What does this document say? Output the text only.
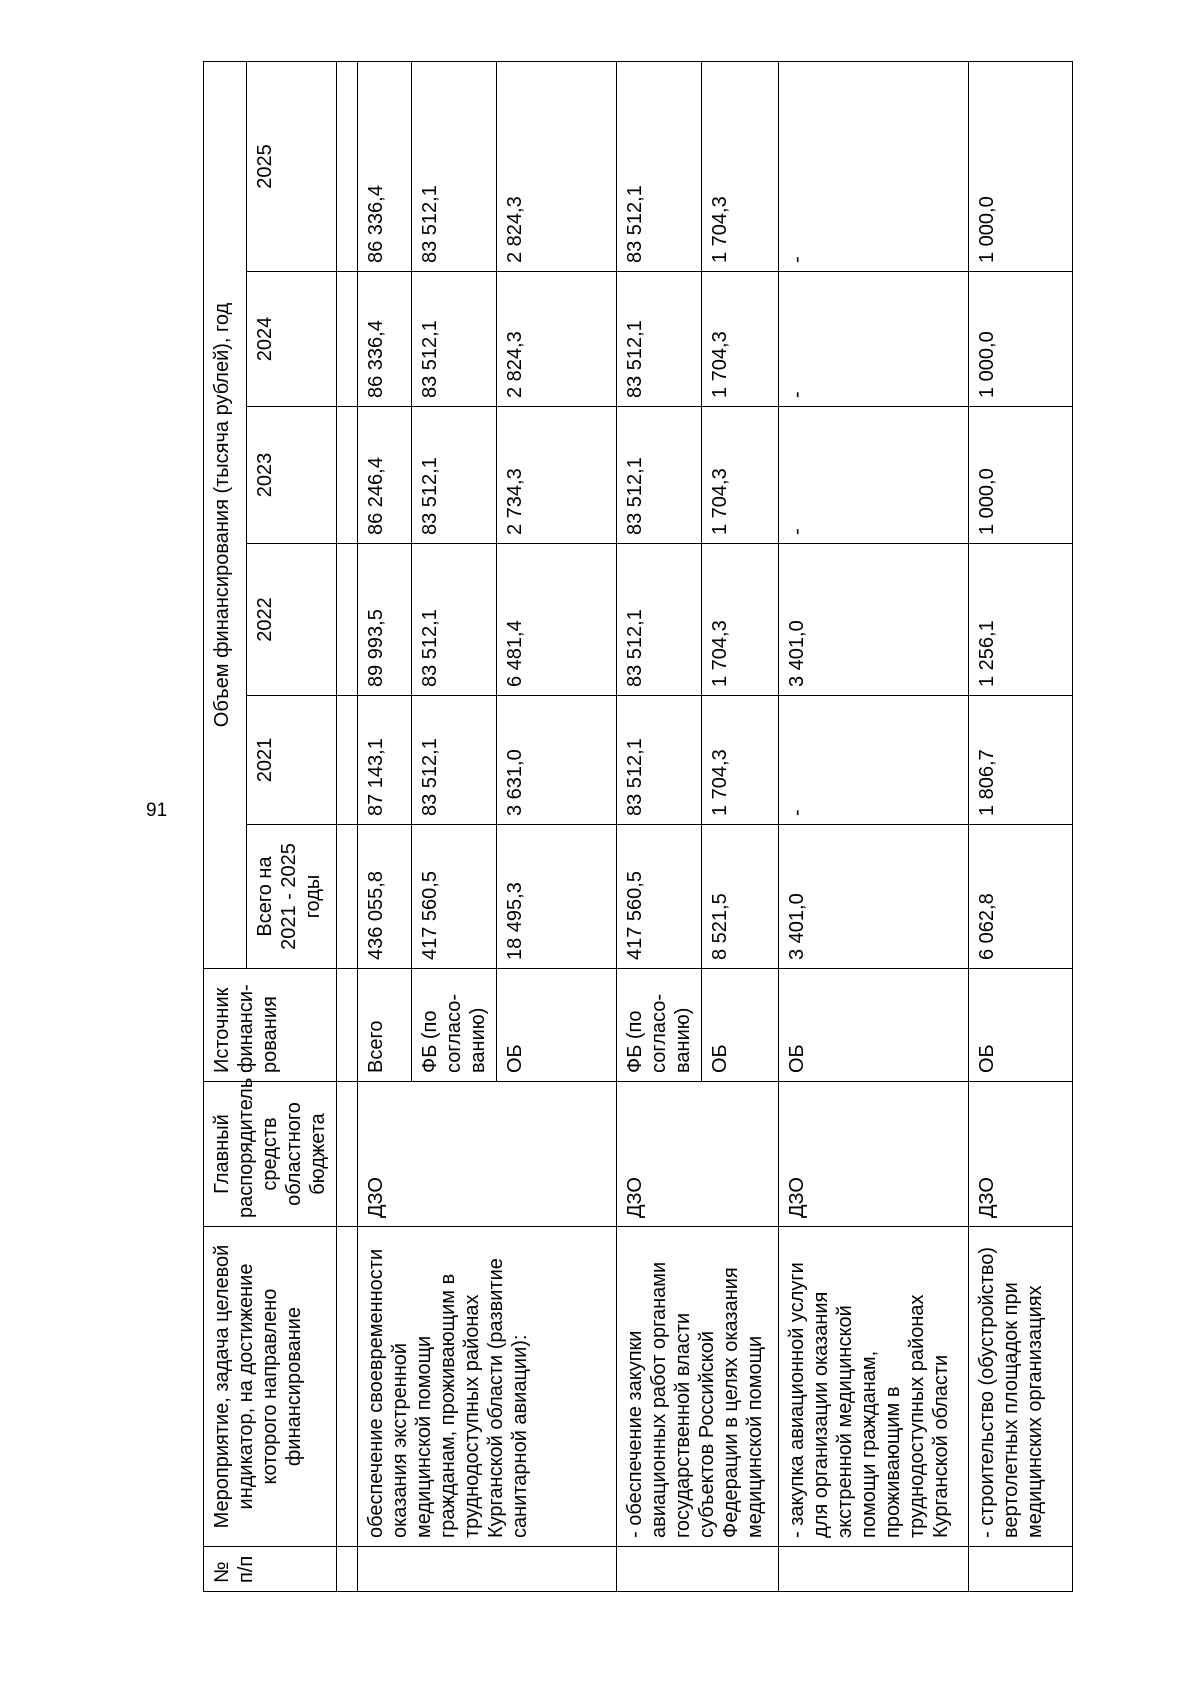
91
№ п/п	Мероприятие, задача целевой индикатор, на достижение которого направлено финансирование	Главный распорядитель средств областного бюджета	Источник финанси-рования	Объем финансирования (тысяча рублей), год					
				Всего на 2021 - 2025 годы	2021	2022	2023	2024	2025

	обеспечение своевременности оказания экстренной медицинской помощи гражданам, проживающим в труднодоступных районах Курганской области (развитие санитарной авиации):	ДЗО	Всего	436 055,8	87 143,1	89 993,5	86 246,4	86 336,4	86 336,4
			ФБ (по согласо-ванию)	417 560,5	83 512,1	83 512,1	83 512,1	83 512,1	83 512,1
			ОБ	18 495,3	3 631,0	6 481,4	2 734,3	2 824,3	2 824,3
	- обеспечение закупки авиационных работ органами государственной власти субъектов Российской Федерации в целях оказания медицинской помощи	ДЗО	ФБ (по согласо-ванию)	417 560,5	83 512,1	83 512,1	83 512,1	83 512,1	83 512,1
			ОБ	8 521,5	1 704,3	1 704,3	1 704,3	1 704,3	1 704,3
	- закупка авиационной услуги для организации оказания экстренной медицинской помощи гражданам, проживающим в труднодоступных районах Курганской области	ДЗО	ОБ	3 401,0	-	3 401,0	-	-	-
	- строительство (обустройство) вертолетных площадок при медицинских организациях	ДЗО	ОБ	6 062,8	1 806,7	1 256,1	1 000,0	1 000,0	1 000,0
